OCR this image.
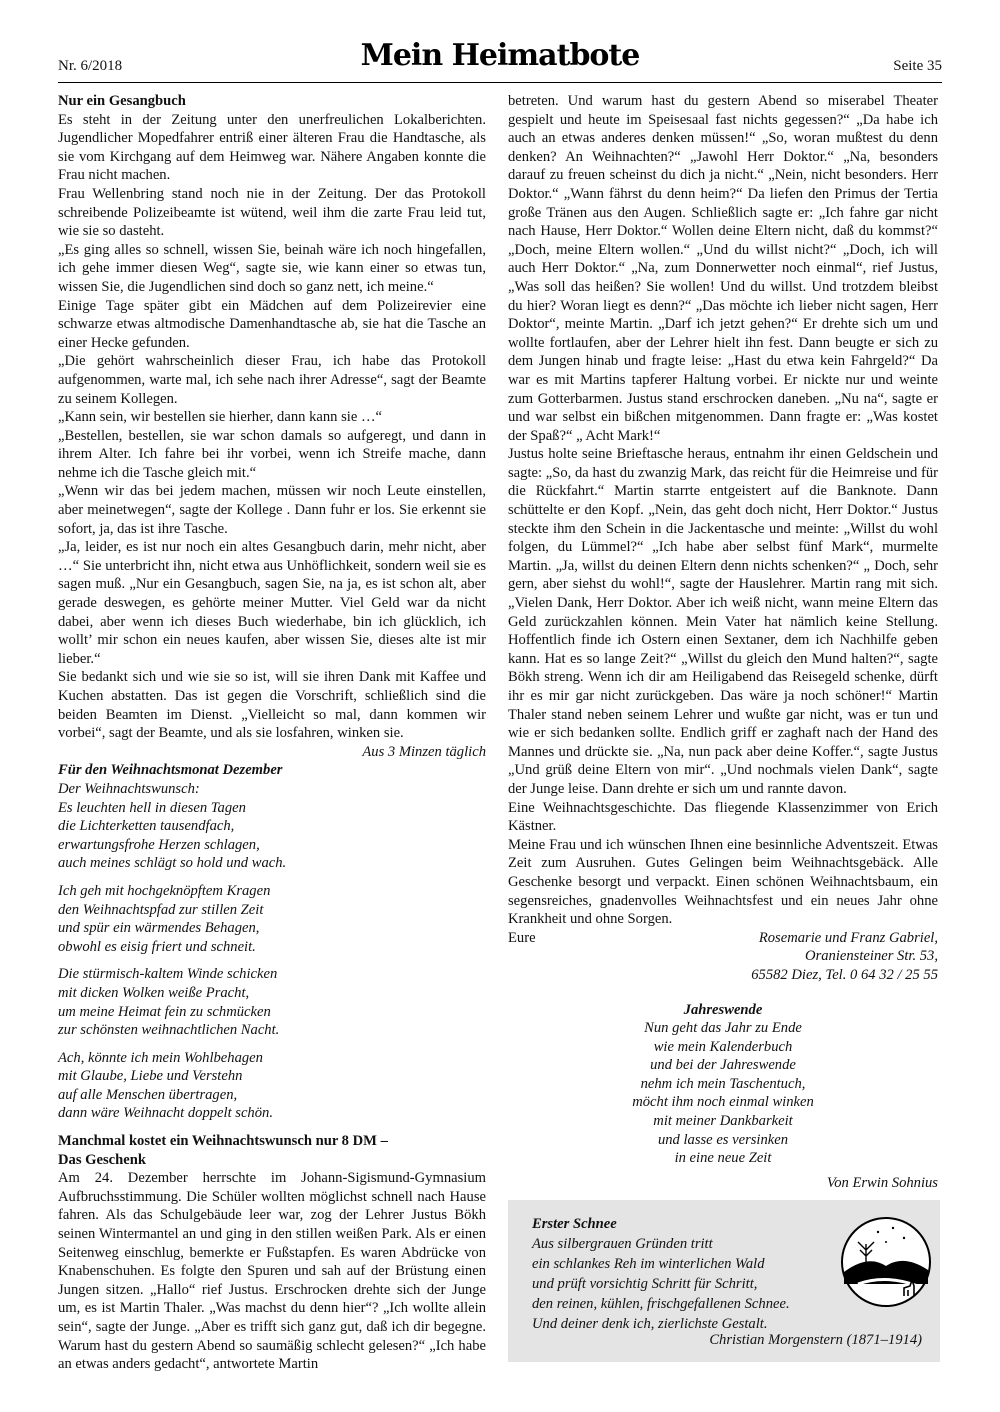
Nr. 6/2018	Mein Heimatbote	Seite 35
Nur ein Gesangbuch

Es steht in der Zeitung unter den unerfreulichen Lokalberichten. Jugendlicher Mopedfahrer entriß einer älteren Frau die Handtasche, als sie vom Kirchgang auf dem Heimweg war. Nähere Angaben konnte die Frau nicht machen.

Frau Wellenbring stand noch nie in der Zeitung. Der das Protokoll schreibende Polizeibeamte ist wütend, weil ihm die zarte Frau leid tut, wie sie so dasteht.

„Es ging alles so schnell, wissen Sie, beinah wäre ich noch hingefallen, ich gehe immer diesen Weg“, sagte sie, wie kann einer so etwas tun, wissen Sie, die Jugendlichen sind doch so ganz nett, ich meine.“

Einige Tage später gibt ein Mädchen auf dem Polizeirevier eine schwarze etwas altmodische Damenhandtasche ab, sie hat die Tasche an einer Hecke gefunden.

„Die gehört wahrscheinlich dieser Frau, ich habe das Protokoll aufgenommen, warte mal, ich sehe nach ihrer Adresse“, sagt der Beamte zu seinem Kollegen.

„Kann sein, wir bestellen sie hierher, dann kann sie …“

„Bestellen, bestellen, sie war schon damals so aufgeregt, und dann in ihrem Alter. Ich fahre bei ihr vorbei, wenn ich Streife mache, dann nehme ich die Tasche gleich mit.“

„Wenn wir das bei jedem machen, müssen wir noch Leute einstellen, aber meinetwegen“, sagte der Kollege . Dann fuhr er los. Sie erkennt sie sofort, ja, das ist ihre Tasche.

„Ja, leider, es ist nur noch ein altes Gesangbuch darin, mehr nicht, aber …“ Sie unterbricht ihn, nicht etwa aus Unhöflichkeit, sondern weil sie es sagen muß. „Nur ein Gesangbuch, sagen Sie, na ja, es ist schon alt, aber gerade deswegen, es gehörte meiner Mutter. Viel Geld war da nicht dabei, aber wenn ich dieses Buch wiederhabe, bin ich glücklich, ich wollt’ mir schon ein neues kaufen, aber wissen Sie, dieses alte ist mir lieber.“

Sie bedankt sich und wie sie so ist, will sie ihren Dank mit Kaffee und Kuchen abstatten. Das ist gegen die Vorschrift, schließlich sind die beiden Beamten im Dienst. „Vielleicht so mal, dann kommen wir vorbei“, sagt der Beamte, und als sie losfahren, winken sie.

Aus 3 Minzen täglich

Für den Weihnachtsmonat Dezember

Der Weihnachtswunsch:
Es leuchten hell in diesen Tagen
die Lichterketten tausendfach,
erwartungsfrohe Herzen schlagen,
auch meines schlägt so hold und wach.
Ich geh mit hochgeknöpftem Kragen
den Weihnachtspfad zur stillen Zeit
und spür ein wärmendes Behagen,
obwohl es eisig friert und schneit.
Die stürmisch-kaltem Winde schicken
mit dicken Wolken weiße Pracht,
um meine Heimat fein zu schmücken
zur schönsten weihnachtlichen Nacht.
Ach, könnte ich mein Wohlbehagen
mit Glaube, Liebe und Verstehn
auf alle Menschen übertragen,
dann wäre Weihnacht doppelt schön.
Manchmal kostet ein Weihnachtswunsch nur 8 DM –
Das Geschenk

Am 24. Dezember herrschte im Johann-Sigismund-Gymnasium Aufbruchsstimmung. Die Schüler wollten möglichst schnell nach Hause fahren. Als das Schulgebäude leer war, zog der Lehrer Justus Bökh seinen Wintermantel an und ging in den stillen weißen Park. Als er einen Seitenweg einschlug, bemerkte er Fußstapfen. Es waren Abdrücke von Knabenschuhen. Es folgte den Spuren und sah auf der Brüstung einen Jungen sitzen. „Hallo“ rief Justus. Erschrocken drehte sich der Junge um, es ist Martin Thaler. „Was machst du denn hier“? „Ich wollte allein sein“, sagte der Junge. „Aber es trifft sich ganz gut, daß ich dir begegne. Warum hast du gestern Abend so saumäßig schlecht gelesen?“ „Ich habe an etwas anders gedacht“, antwortete Martin

betreten. Und warum hast du gestern Abend so miserabel Theater gespielt und heute im Speisesaal fast nichts gegessen?“ „Da habe ich auch an etwas anderes denken müssen!“ „So, woran mußtest du denn denken? An Weihnachten?“ „Jawohl Herr Doktor.“ „Na, besonders darauf zu freuen scheinst du dich ja nicht.“ „Nein, nicht besonders. Herr Doktor.“ „Wann fährst du denn heim?“ Da liefen den Primus der Tertia große Tränen aus den Augen. Schließlich sagte er: „Ich fahre gar nicht nach Hause, Herr Doktor.“ Wollen deine Eltern nicht, daß du kommst?“ „Doch, meine Eltern wollen.“ „Und du willst nicht?“ „Doch, ich will auch Herr Doktor.“ „Na, zum Donnerwetter noch einmal“, rief Justus, „Was soll das heißen? Sie wollen! Und du willst. Und trotzdem bleibst du hier? Woran liegt es denn?“ „Das möchte ich lieber nicht sagen, Herr Doktor“, meinte Martin. „Darf ich jetzt gehen?“ Er drehte sich um und wollte fortlaufen, aber der Lehrer hielt ihn fest. Dann beugte er sich zu dem Jungen hinab und fragte leise: „Hast du etwa kein Fahrgeld?“ Da war es mit Martins tapferer Haltung vorbei. Er nickte nur und weinte zum Gotterbarmen. Justus stand erschrocken daneben. „Nu na“, sagte er und war selbst ein bißchen mitgenommen. Dann fragte er: „Was kostet der Spaß?“ „ Acht Mark!“

Justus holte seine Brieftasche heraus, entnahm ihr einen Geldschein und sagte: „So, da hast du zwanzig Mark, das reicht für die Heimreise und für die Rückfahrt.“ Martin starrte entgeistert auf die Banknote. Dann schüttelte er den Kopf. „Nein, das geht doch nicht, Herr Doktor.“ Justus steckte ihm den Schein in die Jackentasche und meinte: „Willst du wohl folgen, du Lümmel?“ „Ich habe aber selbst fünf Mark“, murmelte Martin. „Ja, willst du deinen Eltern denn nichts schenken?“ „ Doch, sehr gern, aber siehst du wohl!“, sagte der Hauslehrer. Martin rang mit sich. „Vielen Dank, Herr Doktor. Aber ich weiß nicht, wann meine Eltern das Geld zurückzahlen können. Mein Vater hat nämlich keine Stellung. Hoffentlich finde ich Ostern einen Sextaner, dem ich Nachhilfe geben kann. Hat es so lange Zeit?“ „Willst du gleich den Mund halten?“, sagte Bökh streng. Wenn ich dir am Heiligabend das Reisegeld schenke, dürft ihr es mir gar nicht zurückgeben. Das wäre ja noch schöner!“ Martin Thaler stand neben seinem Lehrer und wußte gar nicht, was er tun und wie er sich bedanken sollte. Endlich griff er zaghaft nach der Hand des Mannes und drückte sie. „Na, nun pack aber deine Koffer.“, sagte Justus „Und grüß deine Eltern von mir“. „Und nochmals vielen Dank“, sagte der Junge leise. Dann drehte er sich um und rannte davon.

Eine Weihnachtsgeschichte. Das fliegende Klassenzimmer von Erich Kästner.

Meine Frau und ich wünschen Ihnen eine besinnliche Adventszeit. Etwas Zeit zum Ausruhen. Gutes Gelingen beim Weihnachtsgebäck. Alle Geschenke besorgt und verpackt. Einen schönen Weihnachtsbaum, ein segensreiches, gnadenvolles Weihnachtsfest und ein neues Jahr ohne Krankheit und ohne Sorgen.

Eure	Rosemarie und Franz Gabriel,
Oraniensteiner Str. 53,
65582 Diez, Tel. 0 64 32 / 25 55
Jahreswende
Nun geht das Jahr zu Ende
wie mein Kalenderbuch
und bei der Jahreswende
nehm ich mein Taschentuch,
möcht ihm noch einmal winken
mit meiner Dankbarkeit
und lasse es versinken
in eine neue Zeit
Von Erwin Sohnius
Erster Schnee
Aus silbergrauen Gründen tritt
ein schlankes Reh im winterlichen Wald
und prüft vorsichtig Schritt für Schritt,
den reinen, kühlen, frischgefallenen Schnee.
Und deiner denk ich, zierlichste Gestalt.
Christian Morgenstern (1871–1914)
